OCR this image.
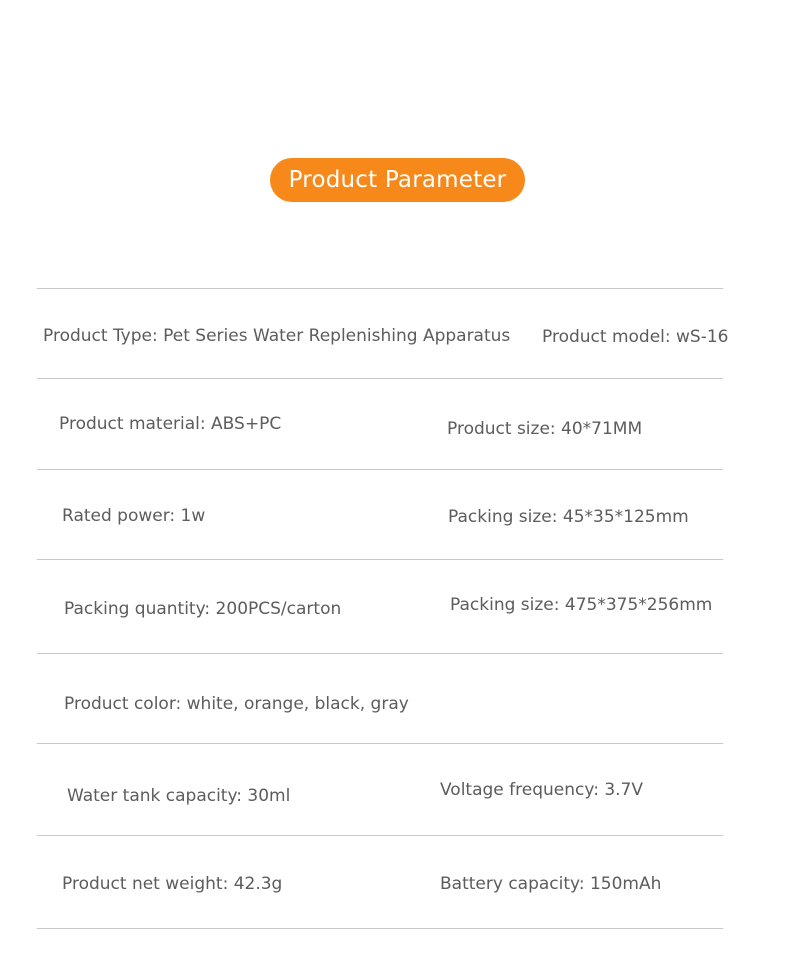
Product Parameter
Product Type: Pet Series Water Replenishing Apparatus Product model: wS-16
Product material: ABS+PC	Product size: 40*71MM
Rated power: 1w	Packing size: 45*35*125mm
Packing quantity: 200PCS/carton	Packing size: 475*375*256mm
Product color: white, orange, black, gray
Water tank capacity: 30ml	Voltage frequency: 3.7V
Product net weight: 42.3g	Battery capacity: 150mAh
